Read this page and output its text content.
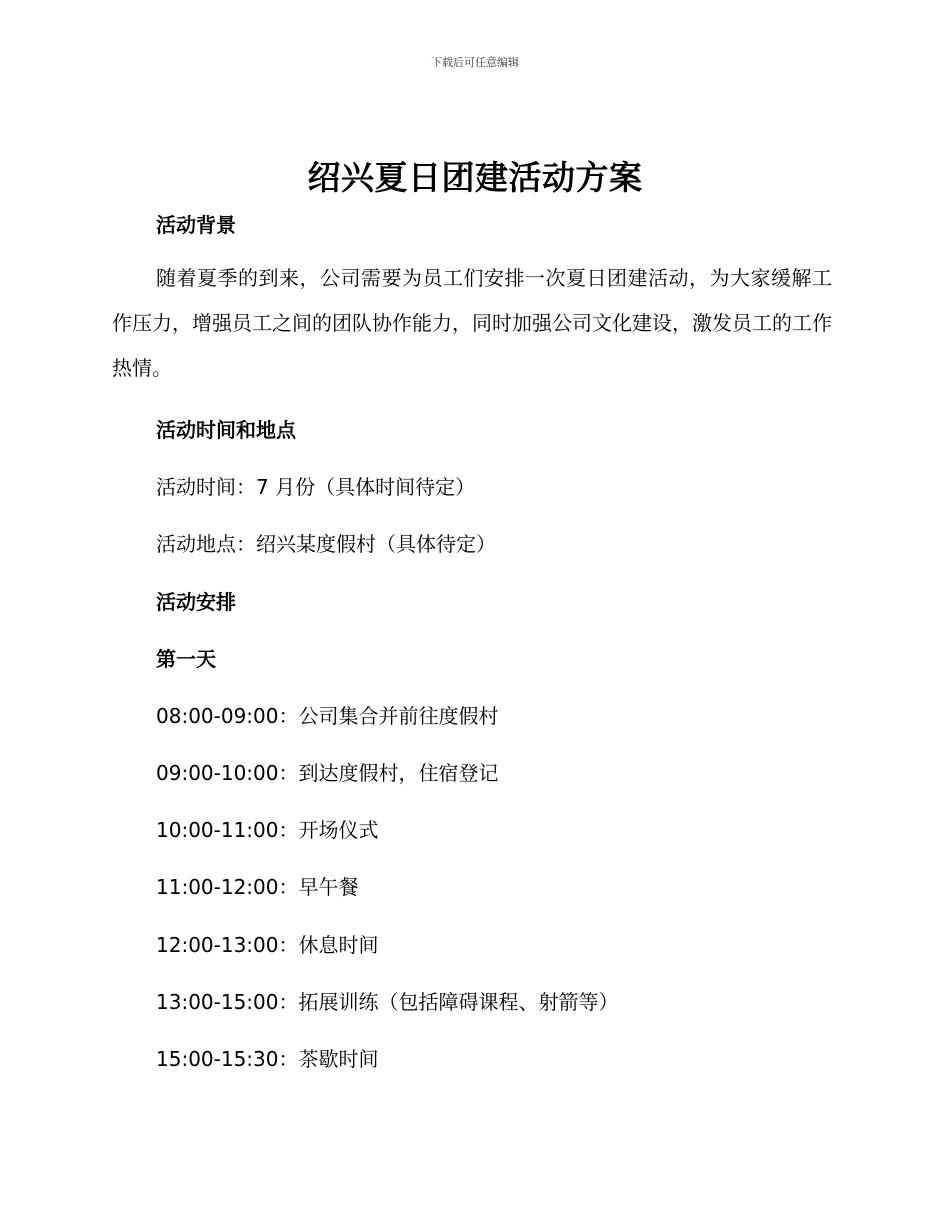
下载后可任意编辑
绍兴夏日团建活动方案
活动背景
随着夏季的到来，公司需要为员工们安排一次夏日团建活动，为大家缓解工作压力，增强员工之间的团队协作能力，同时加强公司文化建设，激发员工的工作热情。
活动时间和地点
活动时间：7 月份（具体时间待定）
活动地点：绍兴某度假村（具体待定）
活动安排
第一天
08:00-09:00：公司集合并前往度假村
09:00-10:00：到达度假村，住宿登记
10:00-11:00：开场仪式
11:00-12:00：早午餐
12:00-13:00：休息时间
13:00-15:00：拓展训练（包括障碍课程、射箭等）
15:00-15:30：茶歇时间
